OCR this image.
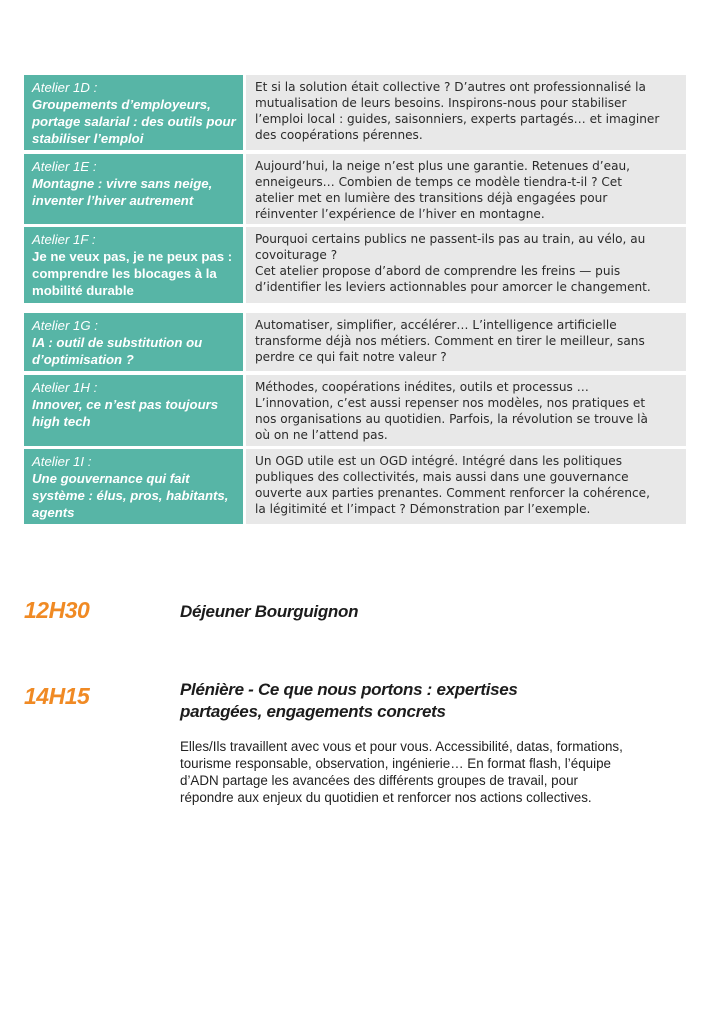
Atelier 1D :
Groupements d’employeurs, portage salarial : des outils pour stabiliser l’emploi
Et si la solution était collective ? D’autres ont professionnalisé la
mutualisation de leurs besoins. Inspirons-nous pour stabiliser
l’emploi local : guides, saisonniers, experts partagés… et imaginer
des coopérations pérennes.
Atelier 1E :
Montagne : vivre sans neige, inventer l’hiver autrement
Aujourd’hui, la neige n’est plus une garantie. Retenues d’eau,
enneigeurs… Combien de temps ce modèle tiendra-t-il ? Cet
atelier met en lumière des transitions déjà engagées pour
réinventer l’expérience de l’hiver en montagne.
Atelier 1F :
Je ne veux pas, je ne peux pas : comprendre les blocages à la mobilité durable
Pourquoi certains publics ne passent-ils pas au train, au vélo, au
covoiturage ?
Cet atelier propose d’abord de comprendre les freins — puis
d’identifier les leviers actionnables pour amorcer le changement.
Atelier 1G :
IA : outil de substitution ou d’optimisation ?
Automatiser, simplifier, accélérer… L’intelligence artificielle
transforme déjà nos métiers. Comment en tirer le meilleur, sans
perdre ce qui fait notre valeur ?
Atelier 1H :
Innover, ce n’est pas toujours high tech
Méthodes, coopérations inédites, outils et processus …
L’innovation, c’est aussi repenser nos modèles, nos pratiques et
nos organisations au quotidien. Parfois, la révolution se trouve là
où on ne l’attend pas.
Atelier 1I :
Une gouvernance qui fait système : élus, pros, habitants, agents
Un OGD utile est un OGD intégré. Intégré dans les politiques
publiques des collectivités, mais aussi dans une gouvernance
ouverte aux parties prenantes. Comment renforcer la cohérence,
la légitimité et l’impact ? Démonstration par l’exemple.
12H30	Déjeuner Bourguignon
14H15	Plénière - Ce que nous portons : expertises partagées, engagements concrets
Elles/Ils travaillent avec vous et pour vous. Accessibilité, datas, formations,
tourisme responsable, observation, ingénierie… En format flash, l’équipe
d’ADN partage les avancées des différents groupes de travail, pour
répondre aux enjeux du quotidien et renforcer nos actions collectives.
